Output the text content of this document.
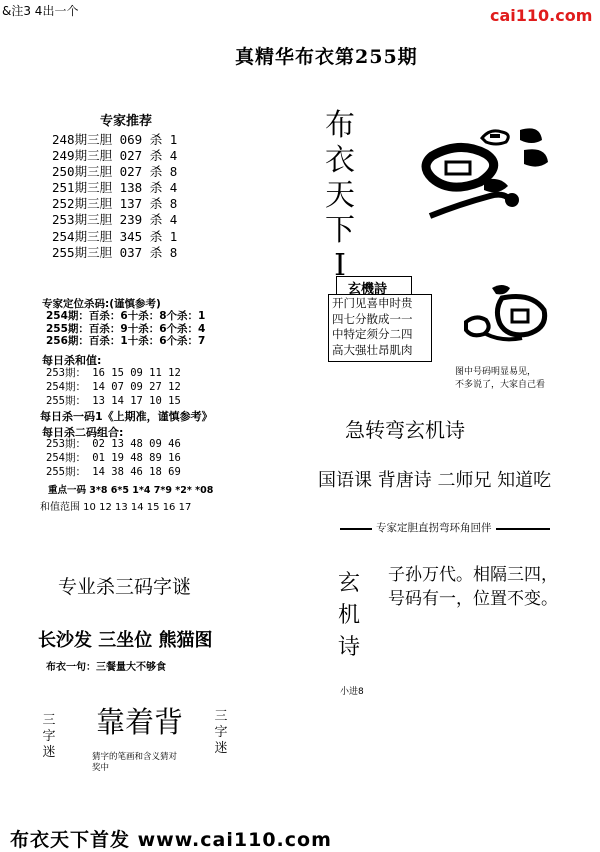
&注3 4出一个	cai110.com
真精华布衣第255期
专家推荐
248期三胆 069 杀 1
249期三胆 027 杀 4
250期三胆 027 杀 8
251期三胆 138 杀 4
252期三胆 137 杀 8
253期三胆 239 杀 4
254期三胆 345 杀 1
255期三胆 037 杀 8
专家定位杀码:(谨慎参考)
254期：百杀：6十杀：8个杀：1
255期：百杀：9十杀：6个杀：4
256期：百杀：1十杀：6个杀：7
每日杀和值:
253期： 16 15 09 11 12
254期： 14 07 09 27 12
255期： 13 14 17 10 15
每日杀一码1《上期准，谨慎参考》
每日杀二码组合:
253期： 02 13 48 09 46
254期： 01 19 48 89 16
255期： 14 38 46 18 69
重点一码 3*8 6*5 1*4 7*9 *2* *08
和值范围 10 12 13 14 15 16 17
专业杀三码字谜
长沙发 三坐位 熊猫图
布衣一句：三餐量大不够食
三
字
迷
靠着背
猜字的笔画和含义猜对奖中
三
字
迷
布衣天下首发 www.cai110.com
布
衣
天
下
I
玄機詩
开门见喜申时贵
四七分散成一一
中特定须分二四
高大强壮昂肌肉
图中号码明显易见，
不多说了，大家自己看
急转弯玄机诗
国语课 背唐诗 二师兄 知道吃
专家定胆直拐弯环角回伴
玄
机
诗
子孙万代。相隔三四，
号码有一，位置不变。
小进8
